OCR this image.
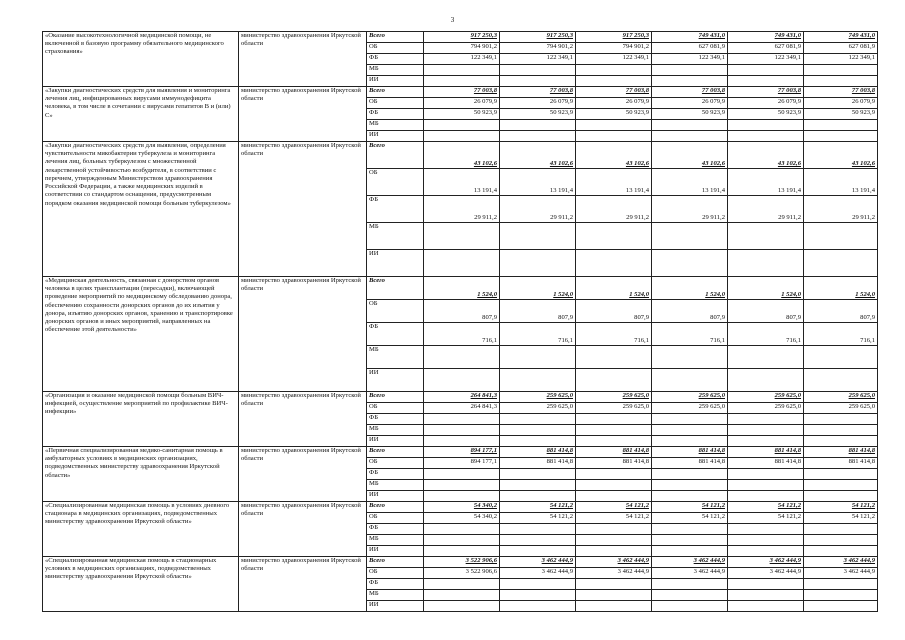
3
«Оказание высокотехнологичной медицинской помощи, не включенной в базовую программу обязательного медицинского страхования»	министерство здравоохранения Иркутской области	Всего	917 250,3	917 250,3	917 250,3	749 431,0	749 431,0	749 431,0
		ОБ	794 901,2	794 901,2	794 901,2	627 081,9	627 081,9	627 081,9
		ФБ	122 349,1	122 349,1	122 349,1	122 349,1	122 349,1	122 349,1
		МБ						
		ИИ						
«Закупки диагностических средств для выявления и мониторинга лечения лиц, инфицированных вирусами иммунодефицита человека, в том числе в сочетании с вирусами гепатитов В и (или) С»	министерство здравоохранения Иркутской области	Всего	77 003,8	77 003,8	77 003,8	77 003,8	77 003,8	77 003,8
		ОБ	26 079,9	26 079,9	26 079,9	26 079,9	26 079,9	26 079,9
		ФБ	50 923,9	50 923,9	50 923,9	50 923,9	50 923,9	50 923,9
		МБ						
		ИИ						
«Закупки диагностических средств для выявления, определения чувствительности микобактерии туберкулеза и мониторинга лечения лиц, больных туберкулезом с множественной лекарственной устойчивостью возбудителя, в соответствии с перечнем, утвержденным Министерством здравоохранения Российской Федерации, а также медицинских изделий в соответствии со стандартом оснащения, предусмотренным порядком оказания медицинской помощи больным туберкулезом»	министерство здравоохранения Иркутской области	Всего	43 102,6	43 102,6	43 102,6	43 102,6	43 102,6	43 102,6
		ОБ	13 191,4	13 191,4	13 191,4	13 191,4	13 191,4	13 191,4
		ФБ	29 911,2	29 911,2	29 911,2	29 911,2	29 911,2	29 911,2
		МБ						
		ИИ						
«Медицинская деятельность, связанная с донорством органов человека в целях трансплантации (пересадки), включающей проведение мероприятий по медицинскому обследованию донора, обеспечению сохранности донорских органов до их изъятия у донора, изъятию донорских органов, хранению и транспортировке донорских органов и иных мероприятий, направленных на обеспечение этой деятельности»	министерство здравоохранения Иркутской области	Всего	1 524,0	1 524,0	1 524,0	1 524,0	1 524,0	1 524,0
		ОБ	807,9	807,9	807,9	807,9	807,9	807,9
		ФБ	716,1	716,1	716,1	716,1	716,1	716,1
		МБ						
		ИИ						
«Организация и оказание медицинской помощи больным ВИЧ-инфекцией, осуществление мероприятий по профилактике ВИЧ-инфекции»	министерство здравоохранения Иркутской области	Всего	264 841,3	259 625,0	259 625,0	259 625,0	259 625,0	259 625,0
		ОБ	264 841,3	259 625,0	259 625,0	259 625,0	259 625,0	259 625,0
		ФБ						
		МБ						
		ИИ						
«Первичная специализированная медико-санитарная помощь в амбулаторных условиях в медицинских организациях, подведомственных министерству здравоохранения Иркутской области»	министерство здравоохранения Иркутской области	Всего	894 177,1	881 414,8	881 414,8	881 414,8	881 414,8	881 414,8
		ОБ	894 177,1	881 414,8	881 414,8	881 414,8	881 414,8	881 414,8
		ФБ						
		МБ						
		ИИ						
«Специализированная медицинская помощь в условиях дневного стационара в медицинских организациях, подведомственных министерству здравоохранения Иркутской области»	министерство здравоохранения Иркутской области	Всего	54 340,2	54 121,2	54 121,2	54 121,2	54 121,2	54 121,2
		ОБ	54 340,2	54 121,2	54 121,2	54 121,2	54 121,2	54 121,2
		ФБ						
		МБ						
		ИИ						
«Специализированная медицинская помощь в стационарных условиях в медицинских организациях, подведомственных министерству здравоохранения Иркутской области»	министерство здравоохранения Иркутской области	Всего	3 522 906,6	3 462 444,9	3 462 444,9	3 462 444,9	3 462 444,9	3 462 444,9
		ОБ	3 522 906,6	3 462 444,9	3 462 444,9	3 462 444,9	3 462 444,9	3 462 444,9
		ФБ						
		МБ						
		ИИ						
